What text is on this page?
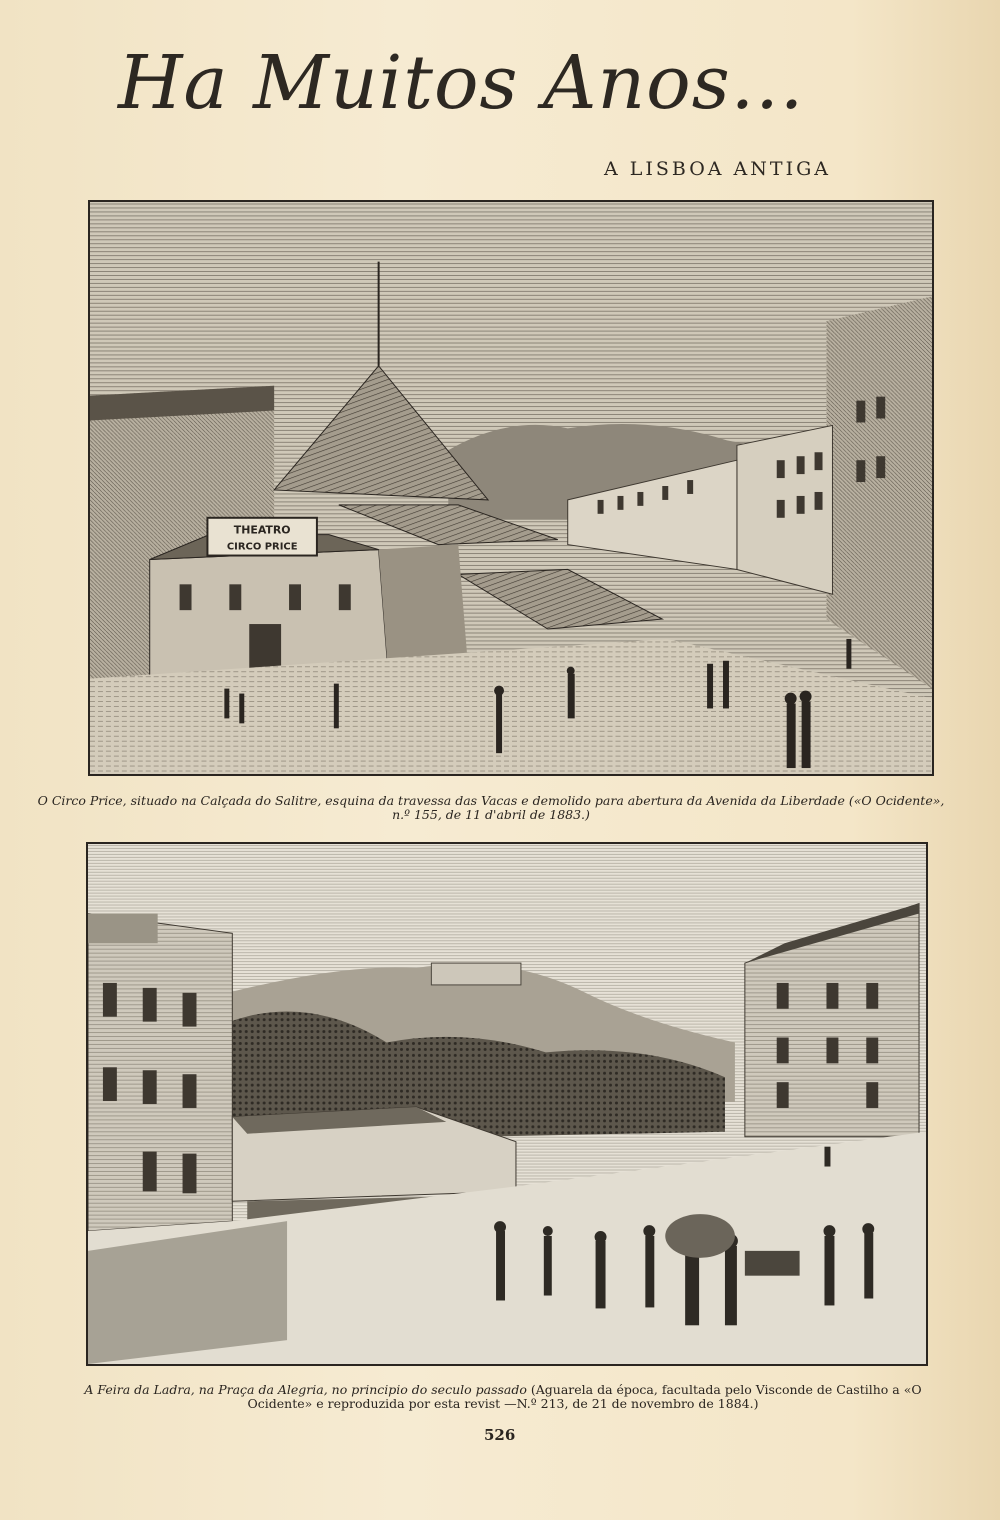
Ha Muitos Anos...

A LISBOA ANTIGA

THEATRO
CIRCO PRICE

O Circo Price, situado na Calçada do Salitre, esquina da travessa das Vacas e demolido para abertura da Avenida da Liberdade («O Ocidente», n.º 155, de 11 d'abril de 1883.)

A Feira da Ladra, na Praça da Alegria, no principio do seculo passado (Aguarela da época, facultada pelo Visconde de Castilho a «O Ocidente» e reproduzida por esta revist —N.º 213, de 21 de novembro de 1884.)

526
